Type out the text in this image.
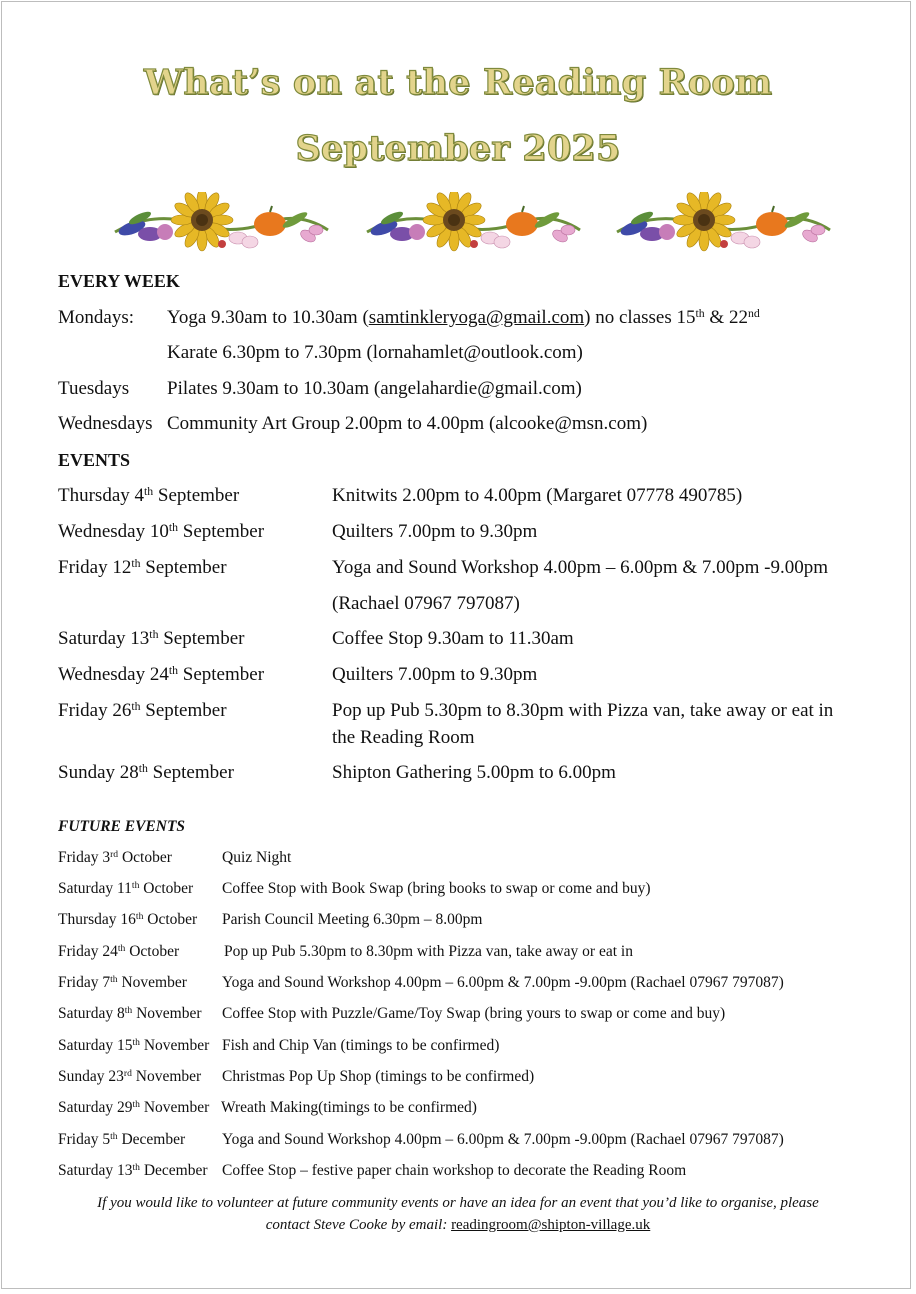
What’s on at the Reading Room
September 2025
EVERY WEEK
Mondays: Yoga 9.30am to 10.30am (samtinkleryoga@gmail.com) no classes 15th & 22nd
Karate 6.30pm to 7.30pm (lornahamlet@outlook.com)
Tuesdays Pilates 9.30am to 10.30am (angelahardie@gmail.com)
Wednesdays Community Art Group 2.00pm to 4.00pm (alcooke@msn.com)
EVENTS
Thursday 4th September	Knitwits 2.00pm to 4.00pm (Margaret 07778 490785)
Wednesday 10th September	Quilters 7.00pm to 9.30pm
Friday 12th September	Yoga and Sound Workshop 4.00pm – 6.00pm & 7.00pm -9.00pm
(Rachael 07967 797087)
Saturday 13th September	Coffee Stop 9.30am to 11.30am
Wednesday 24th September	Quilters 7.00pm to 9.30pm
Friday 26th September	Pop up Pub 5.30pm to 8.30pm with Pizza van, take away or eat in
the Reading Room
Sunday 28th September	Shipton Gathering 5.00pm to 6.00pm
FUTURE EVENTS
Friday 3rd October	Quiz Night
Saturday 11th October Coffee Stop with Book Swap (bring books to swap or come and buy)
Thursday 16th October Parish Council Meeting 6.30pm – 8.00pm
Friday 24th October	Pop up Pub 5.30pm to 8.30pm with Pizza van, take away or eat in
Friday 7th November Yoga and Sound Workshop 4.00pm – 6.00pm & 7.00pm -9.00pm (Rachael 07967 797087)
Saturday 8th November Coffee Stop with Puzzle/Game/Toy Swap (bring yours to swap or come and buy)
Saturday 15th November Fish and Chip Van (timings to be confirmed)
Sunday 23rd November Christmas Pop Up Shop (timings to be confirmed)
Saturday 29th November Wreath Making(timings to be confirmed)
Friday 5th December Yoga and Sound Workshop 4.00pm – 6.00pm & 7.00pm -9.00pm (Rachael 07967 797087)
Saturday 13th December Coffee Stop – festive paper chain workshop to decorate the Reading Room
If you would like to volunteer at future community events or have an idea for an event that you’d like to organise, please
contact Steve Cooke by email: readingroom@shipton-village.uk
